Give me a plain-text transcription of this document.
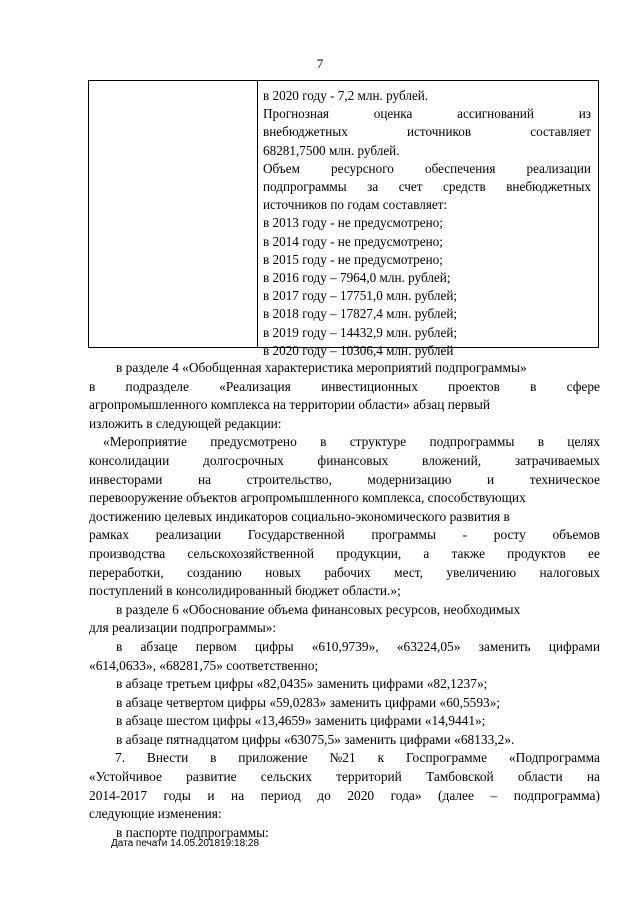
7
в 2020 году - 7,2 млн. рублей.
Прогнозная	оценка	ассигнований	из
внебюджетных	источников	составляет
68281,7500 млн. рублей.
Объем ресурсного обеспечения реализации
подпрограммы за счет средств внебюджетных
источников по годам составляет:
в 2013 году - не предусмотрено;
в 2014 году - не предусмотрено;
в 2015 году - не предусмотрено;
в 2016 году – 7964,0 млн. рублей;
в 2017 году – 17751,0 млн. рублей;
в 2018 году – 17827,4 млн. рублей;
в 2019 году – 14432,9 млн. рублей;
в 2020 году – 10306,4 млн. рублей
в разделе 4 «Обобщенная характеристика мероприятий подпрограммы»
в подразделе «Реализация инвестиционных проектов в сфере
агропромышленного комплекса на территории области» абзац первый
изложить в следующей редакции:
«Мероприятие предусмотрено в структуре подпрограммы в целях
консолидации	долгосрочных	финансовых	вложений,	затрачиваемых
инвесторами	на	строительство,	модернизацию	и	техническое
перевооружение объектов агропромышленного комплекса, способствующих
достижению целевых индикаторов социально-экономического развития в
рамках реализации Государственной программы - росту объемов
производства сельскохозяйственной продукции, а также продуктов ее
переработки, созданию новых рабочих мест, увеличению налоговых
поступлений в консолидированный бюджет области.»;
в разделе 6 «Обоснование объема финансовых ресурсов, необходимых
для реализации подпрограммы»:
в абзаце первом цифры «610,9739», «63224,05» заменить цифрами
«614,0633», «68281,75» соответственно;
в абзаце третьем цифры «82,0435» заменить цифрами «82,1237»;
в абзаце четвертом цифры «59,0283» заменить цифрами «60,5593»;
в абзаце шестом цифры «13,4659» заменить цифрами «14,9441»;
в абзаце пятнадцатом цифры «63075,5» заменить цифрами «68133,2».
7. Внести в приложение №21 к Госпрограмме «Подпрограмма
«Устойчивое развитие сельских территорий Тамбовской области на
2014-2017 годы и на период до 2020 года» (далее – подпрограмма)
следующие изменения:
в паспорте подпрограммы:
Дата печати 14.05.201819:18:28
